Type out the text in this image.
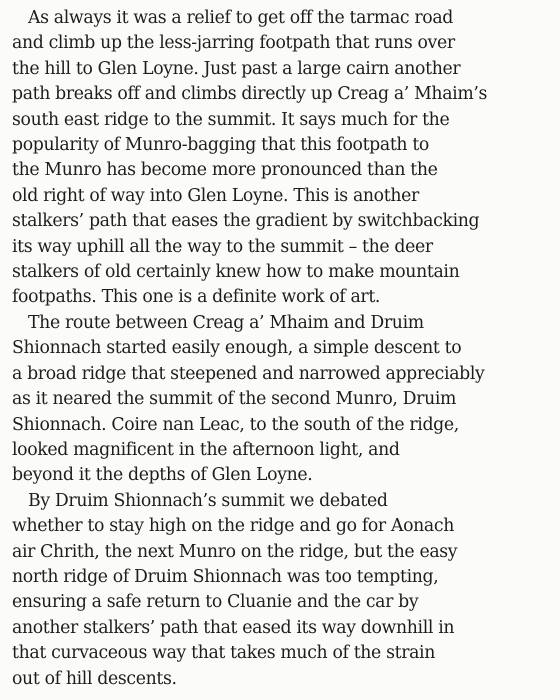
As always it was a relief to get off the tarmac road
and climb up the less-jarring footpath that runs over
the hill to Glen Loyne. Just past a large cairn another
path breaks off and climbs directly up Creag a’ Mhaim’s
south east ridge to the summit. It says much for the
popularity of Munro-bagging that this footpath to
the Munro has become more pronounced than the
old right of way into Glen Loyne. This is another
stalkers’ path that eases the gradient by switchbacking
its way uphill all the way to the summit – the deer
stalkers of old certainly knew how to make mountain
footpaths. This one is a definite work of art.
The route between Creag a’ Mhaim and Druim
Shionnach started easily enough, a simple descent to
a broad ridge that steepened and narrowed appreciably
as it neared the summit of the second Munro, Druim
Shionnach. Coire nan Leac, to the south of the ridge,
looked magnificent in the afternoon light, and
beyond it the depths of Glen Loyne.
By Druim Shionnach’s summit we debated
whether to stay high on the ridge and go for Aonach
air Chrith, the next Munro on the ridge, but the easy
north ridge of Druim Shionnach was too tempting,
ensuring a safe return to Cluanie and the car by
another stalkers’ path that eased its way downhill in
that curvaceous way that takes much of the strain
out of hill descents.
